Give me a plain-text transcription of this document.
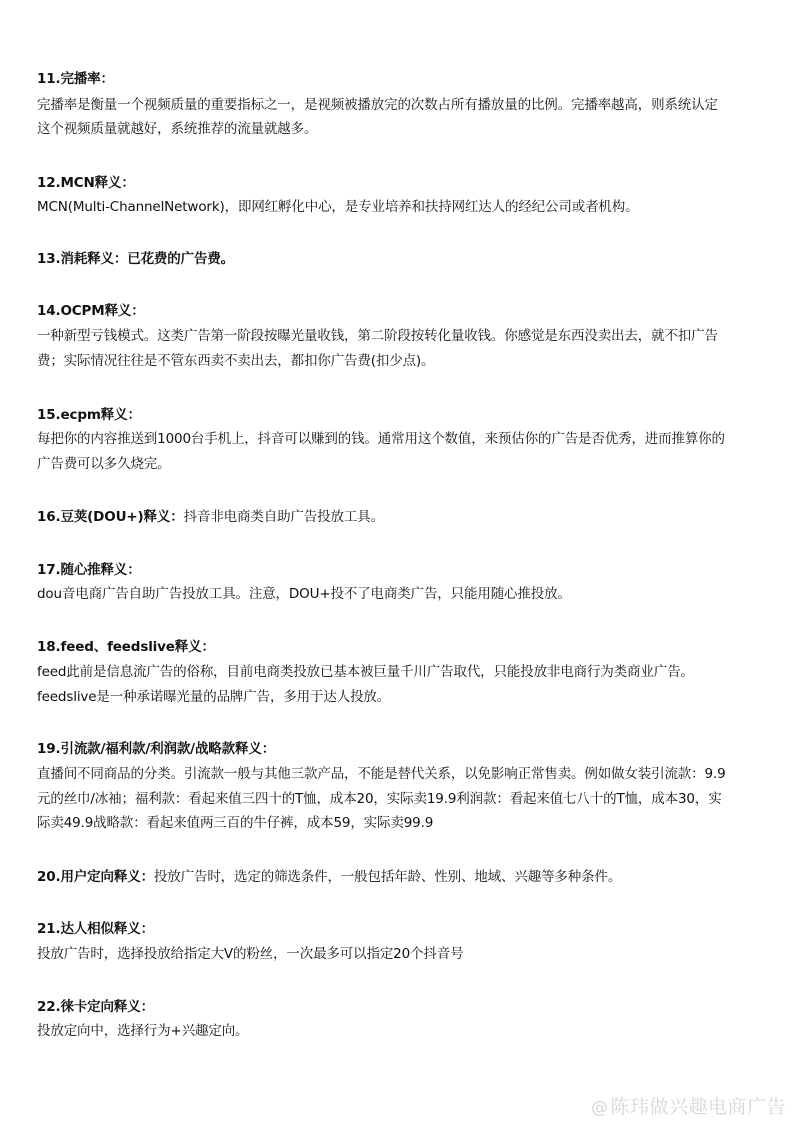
11.完播率：
完播率是衡量一个视频质量的重要指标之一，是视频被播放完的次数占所有播放量的比例。完播率越高，则系统认定
这个视频质量就越好，系统推荐的流量就越多。
12.MCN释义：
MCN(Multi-ChannelNetwork)，即网红孵化中心，是专业培养和扶持网红达人的经纪公司或者机构。
13.消耗释义：已花费的广告费。
14.OCPM释义：
一种新型亏钱模式。这类广告第一阶段按曝光量收钱，第二阶段按转化量收钱。你感觉是东西没卖出去，就不扣广告
费；实际情况往往是不管东西卖不卖出去，都扣你广告费(扣少点)。
15.ecpm释义：
每把你的内容推送到1000台手机上，抖音可以赚到的钱。通常用这个数值，来预估你的广告是否优秀，进而推算你的
广告费可以多久烧完。
16.豆荚(DOU+)释义：抖音非电商类自助广告投放工具。
17.随心推释义：
dou音电商广告自助广告投放工具。注意，DOU+投不了电商类广告，只能用随心推投放。
18.feed、feedslive释义：
feed此前是信息流广告的俗称，目前电商类投放已基本被巨量千川广告取代，只能投放非电商行为类商业广告。
feedslive是一种承诺曝光量的品牌广告，多用于达人投放。
19.引流款/福利款/利润款/战略款释义：
直播间不同商品的分类。引流款一般与其他三款产品，不能是替代关系，以免影响正常售卖。例如做女装引流款：9.9
元的丝巾/冰袖；福利款：看起来值三四十的T恤，成本20，实际卖19.9利润款：看起来值七八十的T恤，成本30，实
际卖49.9战略款：看起来值两三百的牛仔裤，成本59，实际卖99.9
20.用户定向释义：投放广告时，选定的筛选条件，一般包括年龄、性别、地域、兴趣等多种条件。
21.达人相似释义：
投放广告时，选择投放给指定大V的粉丝，一次最多可以指定20个抖音号
22.徕卡定向释义：
投放定向中，选择行为+兴趣定向。
@ 陈玮做兴趣电商广告
